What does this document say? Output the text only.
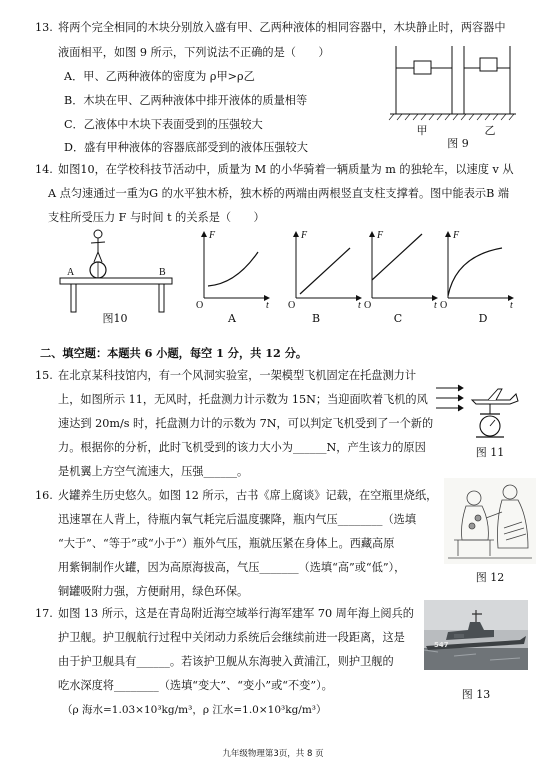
13. 将两个完全相同的木块分别放入盛有甲、乙两种液体的相同容器中，木块静止时，两容器中
液面相平，如图 9 所示，下列说法不正确的是（　　）
A．甲、乙两种液体的密度为 ρ甲>ρ乙
B．木块在甲、乙两种液体中排开液体的质量相等
C．乙液体中木块下表面受到的压强较大
D．盛有甲种液体的容器底部受到的液体压强较大
甲	乙
图 9
14. 如图10，在学校科技节活动中，质量为 M 的小华骑着一辆质量为 m 的独轮车，以速度 v 从
A 点匀速通过一重为G 的水平独木桥，独木桥的两端由两根竖直支柱支撑着。图中能表示B 端
支柱所受压力 F 与时间 t 的关系是（　　）
A	B
图10
F
t
O
F
t
O
F
t
O
F
t
O
A	B	C	D
二、填空题：本题共 6 小题，每空 1 分，共 12 分。
15. 在北京某科技馆内，有一个风洞实验室，一架模型飞机固定在托盘测力计
上，如图所示 11，无风时，托盘测力计示数为 15N；当迎面吹着飞机的风
速达到 20m/s 时，托盘测力计的示数为 7N，可以判定飞机受到了一个新的
力。根据你的分析，此时飞机受到的该力大小为______N，产生该力的原因
是机翼上方空气流速大，压强______。
图 11
16. 火罐养生历史悠久。如图 12 所示，古书《席上腐谈》记载，在空瓶里烧纸，
迅速罩在人背上，待瓶内氧气耗完后温度骤降，瓶内气压________（选填
“大于”、“等于”或“小于”）瓶外气压，瓶就压紧在身体上。西藏高原
用紫铜制作火罐，因为高原海拔高，气压_______（选填“高”或“低”），
铜罐吸附力强，方便耐用，绿色环保。
图 12
17. 如图 13 所示，这是在青岛附近海空域举行海军建军 70 周年海上阅兵的
护卫舰。护卫舰航行过程中关闭动力系统后会继续前进一段距离，这是
由于护卫舰具有______。若该护卫舰从东海驶入黄浦江，则护卫舰的
吃水深度将________（选填“变大”、“变小”或“不变”）。
（ρ 海水=1.03×10³kg/m³，ρ 江水=1.0×10³kg/m³）
547
图 13
九年级物理第3页，共 8 页
